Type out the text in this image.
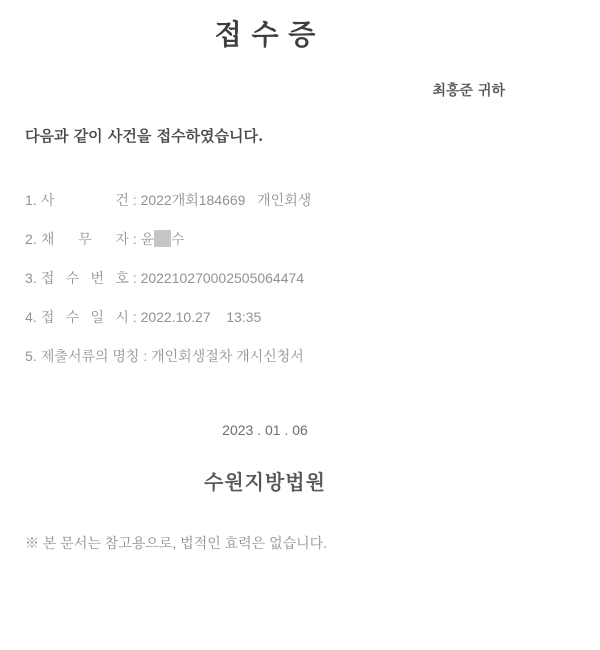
접 수 증
최홍준 귀하
다음과 같이 사건을 접수하였습니다.
1. 사 건 : 2022개회184669   개인회생
2. 채 무 자 : 윤 수
3. 접 수 번 호 : 202210270002505064474
4. 접 수 일 시 : 2022.10.27    13:35
5. 제출서류의 명칭 : 개인회생절차 개시신청서
2023 . 01 . 06
수원지방법원
※ 본 문서는 참고용으로, 법적인 효력은 없습니다.
